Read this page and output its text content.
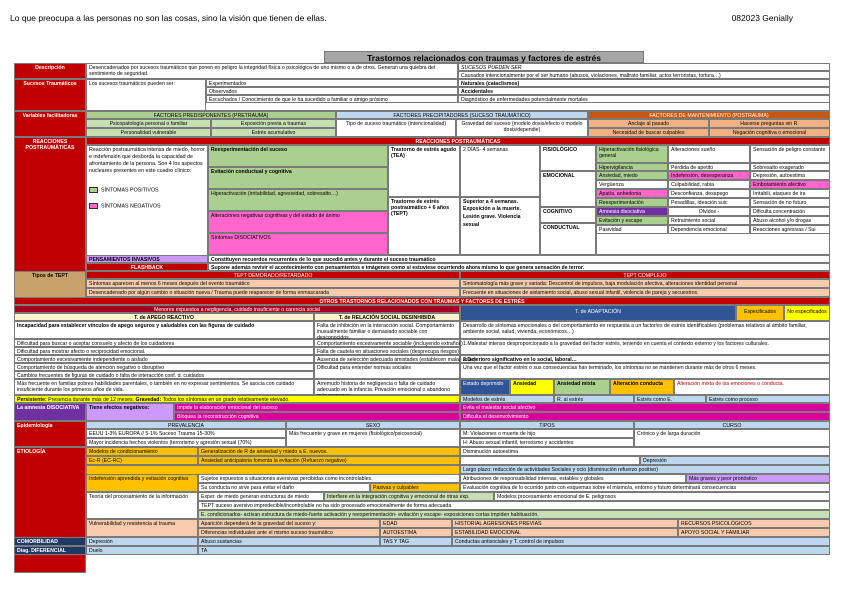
Lo que preocupa a las personas no son las cosas, sino la visión que tienen de ellas.	082023 Genially
Trastornos relacionados con traumas y factores de estrés
Descripción	Desencadenados por sucesos traumáticos que ponen en peligro la integridad física o psicológica de uno mismo o a de otros. Generan una quiebra del sentimiento de seguridad.
SUCESOS PUEDEN SER
Causados intencionalmente por el ser humano (abusos, violaciones, maltrato familiar, actos terroristas, tortura…)
Sucesos Traumáticos	Los sucesos traumáticos pueden ser:	Experimentados
Observados
Escuchados / Conocimiento de que le ha sucedido a familiar o amigo próximo
Naturales (cataclismos)
Accidentales
Diagnóstico de enfermedades potencialmente mortales
Variables facilitadoras	FACTORES PREDISPONENTES (PRETRAUMA)	FACTORES PRECIPITADORES (SUCESO TRAUMÁTICO)	FACTORES DE MANTENIMIENTO (POSTRAUMA)
Psicopatología personal o familiar	Exposición previa a traumas	Tipo de suceso traumático (intencionalidad)	Gravedad del suceso (modelo dosis/efecto o modelo dosis/dependie)
Anclaje al pasado	Hacerse preguntas sin R.
Personalidad vulnerable	Estrés acumulativo	Necesidad de buscar culpables	Negación cognitiva o emocional
REACCIONES POSTRAUMÁTICAS
REACCIONES POSTRAUMÁTICAS	Reacción postraumática intensa de miedo, horror e indefensión que desborda la capacidad de afrontamiento de la persona. Son 4 los aspectos nucleares presentes en este cuadro clínico:
SÍNTOMAS POSITIVOS
SÍNTOMAS NEGATIVOS
Reexperimentación del suceso
Evitación conductual y cognitiva
Hiperactivación (irritabilidad, agresividad, sobresalto…)
Alteraciones negativas cognitivas y del estado de ánimo
Síntomas DISOCIATIVOS
Trastorno de estrés agudo (TEA)
2 DÍAS- 4 semanas
Trastorno de estrés postraumático + 6 años (TEPT)
Superior a 4 semanas. Exposición a la muerte. Lesión grave. Violencia sexual
FISIOLÓGICO
EMOCIONAL
COGNITIVO
CONDUCTUAL
Hiperactivación fisiológica general
Alteraciones sueño	Sensación de peligro constante
Hipervigilancia	Pérdida de apetito	Sobresalto exagerado
Ansiedad, miedo	Indefensión, desesperanza	Depresión, autoestima
Vergüenza	Culpabilidad, rabia	Embotamiento afectivo
Apatía, anhedonia	Desconfianza, desapego	Irritabili, ataques de ira
Reexperimentación	Pesadillas, ideación suic	Sensación de no futuro
Amnesia disociativa	Olvidos -	Dificulta concentración
Evitación y escape	Retraimiento social	Abuso alcohol y/o drogas
Pasividad	Dependencia emocional	Reacciones agresivas / Sui
PENSAMIENTOS INVASIVOS	Constituyen recuerdos recurrentes de lo que sucedió antes y durante el suceso traumático
FLASHBACK	Supone además revivir el acontecimiento con pensamientos e imágenes como si estuviese ocurriendo ahora mismo lo que genera sensación de terror.
Tipos de TEPT	TEPT DEMORADO/RETARDADO	TEPT COMPLEJO
Síntomas aparecen al menos 6 meses después del evento traumático
Desencadenado por algún cambio o situación nueva / Trauma puede reaparecer de forma enmascarada
Sintomatología más grave y variada: Descontrol de impulsos, baja modulación afectiva, alteraciones identidad personal
Frecuente en situaciones de aislamiento social, abuso sexual infantil, violencia de pareja y secuestros.
OTROS TRASTORNOS RELACIONADOS CON TRAUMAS Y FACTORES DE ESTRÉS
Menores expuestos a negligencia, cuidado insuficiente o carencia social
T. de APEGO REACTIVO	T. de RELACIÓN SOCIAL DESINHIBIDA
T. de ADAPTACIÓN	Especificados	No especificados
Incapacidad para establecer vínculos de apego seguros y saludables con las figuras de cuidado
Dificultad para buscar o aceptar consuelo y afecto de los cuidadores
Dificultad para mostrar afecto o reciprocidad emocional.
Comportamiento excesivamente independiente o aislado
Comportamiento de búsqueda de atención negativo o disruptivo
Cambios frecuentes de figuras de cuidado o falta de interacción conf. d. cuidados
Más frecuente en familias pobres habilidades parentales, o también en no expresar sentimientos. Se asocia con cuidado insuficiente durante los primeros años de vida.
Falta de inhibición en la interacción social. Comportamiento inusualmente familiar o demasiado sociable con desconocidos.
Comportamiento excesivamente sociable (incluyendo extraños)
Falta de cautela en situaciones sociales (desprecupa riesgos)
Ausencia de selección adecuada amistades (establecen malas relac)
Dificultad para entender normas sociales
Arremudo historia de negligencia o falta de cuidado adecuado en la infancia. Privación emocional o abandono
Desarrollo de síntomas emocionales o del comportamiento en respuesta a un factor/es de estrés identificables (problemas relativos al ámbito familiar, ambiente social, salud, vivienda, económicos…)
1.Malestar intenso desproporcionado a la gravedad del factor estrés, teniendo en cuenta el contexto externo y los factores culturales.
2.Deterioro significativo en lo social, laboral…
Una vez que el factor estrés o sus consecuencias han terminado, los síntomas no se mantienen durante más de otros 6 meses.
Estado deprimido	Ansiedad	Ansiedad mixta	Alteración conducta	Alteración mixta de las emociones o conducta.
Persistente: Presencia durante más de 12 meses. Gravedad: Todos los síntomas en un grado relativamente elevado.	Modelos de estrés	R. al estrés	Estrés como E.	Estrés como proceso
La amnesia DISOCIATIVA	Tiene efectos negativos:	Impide la elaboración emocional del suceso
Bloquea la reconstrucción cognitiva
Evita el malestar social afectivo
Dificulta el desenvolvimiento
Epidemiología	PREVALENCIA	SEXO	TIPOS	CURSO
EEUU 1-3% EUROPA // 5-1% Suceso Trauma 15-30%
Mayor incidencia hechos violentos (terrorismo y agresión sexual (70%)
Más frecuente y grave en mujeres (fisiológico/psicosocial)	M: Violaciones o muerte de hijo
H: Abuso sexual infantil, terrorismo y accidentes
Crónico y de larga duración
ETIOLOGÍA	Modelos de condicionamiento	Generalización de R de ansiedad y miedo a E. nuevos.	Disminución autoestima
Ec-R (EC-RC)	Ansiedad anticipatoria fomenta la evitación (Refuerzo negativo)	Depresión
Largo plazo: reducción de actividades Sociales y ocio (disminución refuerzo positivo)
Indefensión aprendida y evitación cognitiva	Sujetos expuestos a situaciones aversivas percibidas como incontrolables.	Atribuciones de responsabilidad internas, estables y globales	Más graves y peor pronóstico
Su conducta no sirve para evitar el daño	Pasivas y culpables	Evaluación cognitiva de lo ocurrido junto con esquemas sobre el mismo/a, entorno y futuro determinará consecuencias
Teoría del procesamiento de la información	Exper. de miedo generan estructuras de miedo	Interfiere en la integración cognitiva y emocional de otras exp.	Modelos procesamiento emocional de E. peligrosos
TEPT suceso aversivo impredecible/incontrolable no ha sido procesado emocionalmente de forma adecuada
E. condicionados- activan estructura de miedo-fuerte activación y reexperimentación- evitación y escape- exposiciones cortas impiden habituación.
Vulnerabilidad y resistencia al trauma	Aparición dependerá de la gravedad del suceso y:	EDAD	HISTORIAL AGRESIONES PREVIAS	RECURSOS PSICOLÓGICOS
Diferencias individuales ante el mismo suceso traumático	AUTOESTIMA	ESTABILIDAD EMOCIONAL	APOYO SOCIAL Y FAMILIAR
COMORBILIDAD	Depresión	Abuso sustancias	TAS Y TAG	Conductas antisociales y T. control de impulsos
Diag. DIFERENCIAL	Duelo	TA
